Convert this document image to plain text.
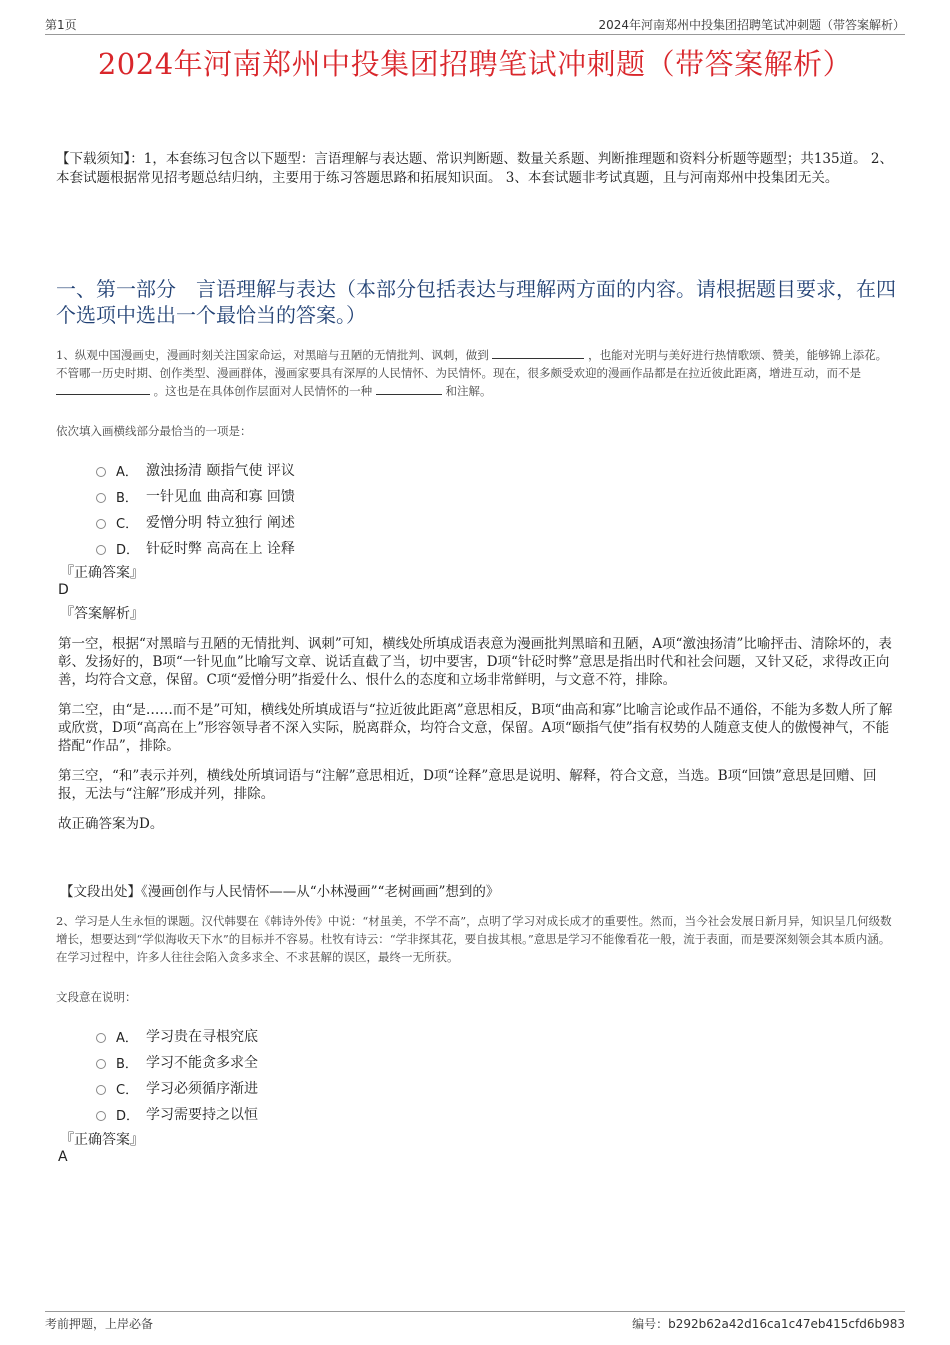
第1页	2024年河南郑州中投集团招聘笔试冲刺题（带答案解析）
2024年河南郑州中投集团招聘笔试冲刺题（带答案解析）
【下载须知】：1，本套练习包含以下题型：言语理解与表达题、常识判断题、数量关系题、判断推理题和资料分析题等题型；共135道。 2、本套试题根据常见招考题总结归纳，主要用于练习答题思路和拓展知识面。 3、本套试题非考试真题，且与河南郑州中投集团无关。
一、第一部分　言语理解与表达（本部分包括表达与理解两方面的内容。请根据题目要求，在四个选项中选出一个最恰当的答案。）
1、纵观中国漫画史，漫画时刻关注国家命运，对黑暗与丑陋的无情批判、讽刺，做到	，也能对光明与美好进行热情歌颂、赞美，能够锦上添花。不管哪一历史时期、创作类型、漫画群体，漫画家要具有深厚的人民情怀、为民情怀。现在，很多颇受欢迎的漫画作品都是在拉近彼此距离，增进互动，而不是  。这也是在具体创作层面对人民情怀的一种	和注解。
依次填入画横线部分最恰当的一项是：
A． 激浊扬清 颐指气使 评议
B． 一针见血 曲高和寡 回馈
C． 爱憎分明 特立独行 阐述
D． 针砭时弊 高高在上 诠释
『正确答案』
D
『答案解析』

第一空，根据“对黑暗与丑陋的无情批判、讽刺”可知，横线处所填成语表意为漫画批判黑暗和丑陋，A项“激浊扬清”比喻抨击、清除坏的，表彰、发扬好的，B项“一针见血”比喻写文章、说话直截了当，切中要害，D项“针砭时弊”意思是指出时代和社会问题，又针又砭，求得改正向善，均符合文意，保留。C项“爱憎分明”指爱什么、恨什么的态度和立场非常鲜明，与文意不符，排除。

第二空，由“是……而不是”可知，横线处所填成语与“拉近彼此距离”意思相反，B项“曲高和寡”比喻言论或作品不通俗，不能为多数人所了解或欣赏，D项“高高在上”形容领导者不深入实际，脱离群众，均符合文意，保留。A项“颐指气使”指有权势的人随意支使人的傲慢神气，不能搭配“作品”，排除。

第三空，“和”表示并列，横线处所填词语与“注解”意思相近，D项“诠释”意思是说明、解释，符合文意，当选。B项“回馈”意思是回赠、回报，无法与“注解”形成并列，排除。

故正确答案为D。

【文段出处】《漫画创作与人民情怀——从“小林漫画”“老树画画”想到的》
2、学习是人生永恒的课题。汉代韩婴在《韩诗外传》中说：“材虽美，不学不高”，点明了学习对成长成才的重要性。然而，当今社会发展日新月异，知识呈几何级数增长，想要达到“学似海收天下水”的目标并不容易。杜牧有诗云：“学非探其花，要自拔其根。”意思是学习不能像看花一般，流于表面，而是要深刻领会其本质内涵。在学习过程中，许多人往往会陷入贪多求全、不求甚解的误区，最终一无所获。
文段意在说明：
A． 学习贵在寻根究底
B． 学习不能贪多求全
C． 学习必须循序渐进
D． 学习需要持之以恒
『正确答案』
A
考前押题，上岸必备	编号：b292b62a42d16ca1c47eb415cfd6b983
